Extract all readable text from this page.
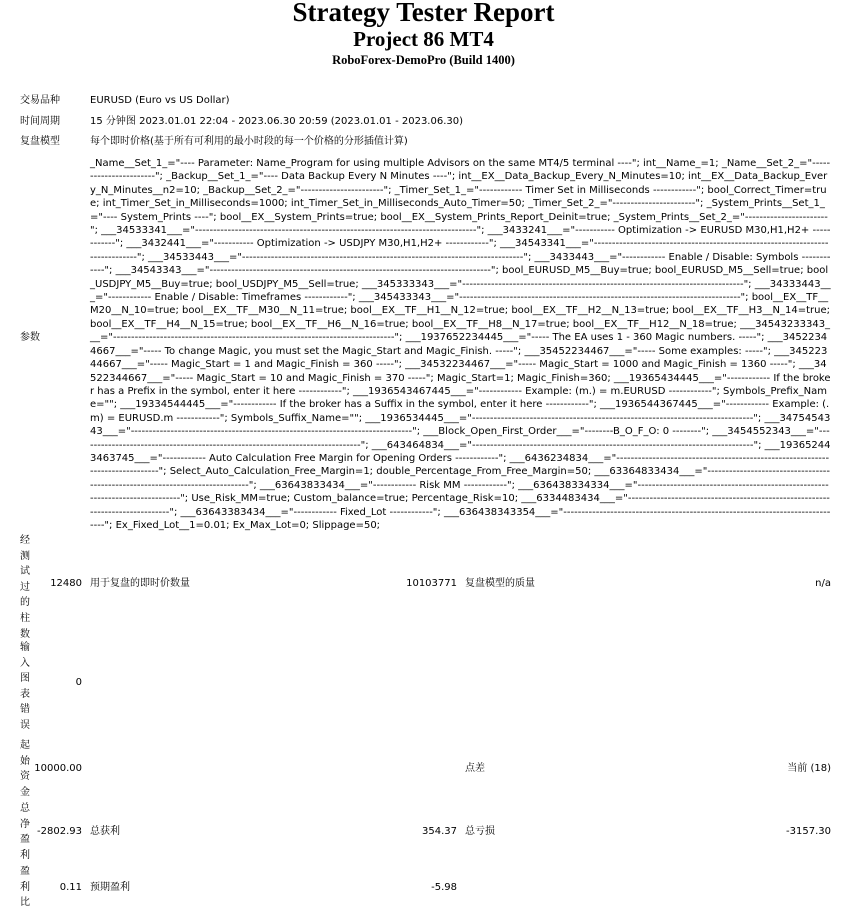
Strategy Tester Report
Project 86 MT4
RoboForex-DemoPro (Build 1400)
交易品种	EURUSD (Euro vs US Dollar)
时间周期	15 分钟图 2023.01.01 22:04 - 2023.06.30 20:59 (2023.01.01 - 2023.06.30)
复盘模型	每个即时价格(基于所有可利用的最小时段的每一个价格的分形插值计算)
参数
_Name__Set_1_="---- Parameter: Name_Program for using multiple Advisors on the same MT4/5 terminal ----"; int__Name_=1; _Name__Set_2_="-----------------------"; _Backup__Set_1_="---- Data Backup Every N Minutes ----"; int__EX__Data_Backup_Every_N_Minutes=10; int__EX__Data_Backup_Every_N_Minutes__n2=10; _Backup__Set_2_="-----------------------"; _Timer_Set_1_="------------ Timer Set in Milliseconds ------------"; bool_Correct_Timer=true; int_Timer_Set_in_Milliseconds=1000; int_Timer_Set_in_Milliseconds_Auto_Timer=50; _Timer_Set_2_="-----------------------"; _System_Prints__Set_1_="---- System_Prints ----"; bool__EX__System_Prints=true; bool__EX__System_Prints_Report_Deinit=true; _System_Prints__Set_2_="-----------------------"; ___34533341___="------------------------------------------------------------------------------"; ___3433241___="----------- Optimization -> EURUSD M30,H1,H2+ ------------"; ___3432441___="----------- Optimization -> USDJPY M30,H1,H2+ ------------"; ___34543341___="------------------------------------------------------------------------------"; ___34533443___="------------------------------------------------------------------------------"; ___3433443___="------------ Enable / Disable: Symbols ------------"; ___34543343___="------------------------------------------------------------------------------"; bool_EURUSD_M5__Buy=true; bool_EURUSD_M5__Sell=true; bool_USDJPY_M5__Buy=true; bool_USDJPY_M5__Sell=true; ___345333343___="------------------------------------------------------------------------------"; ___34333443___="------------ Enable / Disable: Timeframes ------------"; ___345433343___="------------------------------------------------------------------------------"; bool__EX__TF__M20__N_10=true; bool__EX__TF__M30__N_11=true; bool__EX__TF__H1__N_12=true; bool__EX__TF__H2__N_13=true; bool__EX__TF__H3__N_14=true; bool__EX__TF__H4__N_15=true; bool__EX__TF__H6__N_16=true; bool__EX__TF__H8__N_17=true; bool__EX__TF__H12__N_18=true; ___34543233343___="------------------------------------------------------------------------------"; ___1937652234445___="----- The EA uses 1 - 360 Magic numbers. -----"; ___34522344667___="----- To change Magic, you must set the Magic_Start and Magic_Finish. -----"; ___35452234467___="----- Some examples: -----"; ___34522344667___="----- Magic_Start = 1 and Magic_Finish = 360 -----"; ___34532234467___="----- Magic_Start = 1000 and Magic_Finish = 1360 -----"; ___34522344667___="----- Magic_Start = 10 and Magic_Finish = 370 -----"; Magic_Start=1; Magic_Finish=360; ___19365434445___="------------ If the broker has a Prefix in the symbol, enter it here ------------"; ___1936543467445___="------------ Example: (m.) = m.EURUSD ------------"; Symbols_Prefix_Name=""; ___19334544445___="------------ If the broker has a Suffix in the symbol, enter it here ------------"; ___1936544367445___="------------ Example: (.m) = EURUSD.m ------------"; Symbols_Suffix_Name=""; ___1936534445___="------------------------------------------------------------------------------"; ___3475454343___="------------------------------------------------------------------------------"; ___Block_Open_First_Order___="--------B_O_F_O: 0 --------"; ___3454552343___="------------------------------------------------------------------------------"; ___643464834___="------------------------------------------------------------------------------"; ___193652443463745___="------------ Auto Calculation Free Margin for Opening Orders ------------"; ___6436234834___="------------------------------------------------------------------------------"; Select_Auto_Calculation_Free_Margin=1; double_Percentage_From_Free_Margin=50; ___63364833434___="------------------------------------------------------------------------------"; ___63643833434___="------------ Risk MM ------------"; ___636438334334___="------------------------------------------------------------------------------"; Use_Risk_MM=true; Custom_balance=true; Percentage_Risk=10; ___6334483434___="------------------------------------------------------------------------------"; ___63643383434___="------------ Fixed_Lot ------------"; ___636438343354___="------------------------------------------------------------------------------"; Ex_Fixed_Lot__1=0.01; Ex_Max_Lot=0; Slippage=50;
经测试过的柱数
12480 用于复盘的即时价数量	10103771 复盘模型的质量	n/a
输入图表错误
0
起始资金
10000.00	点差	当前 (18)
总净盈利
-2802.93 总获利	354.37 总亏损	-3157.30
盈利比
0.11 预期盈利	-5.98
